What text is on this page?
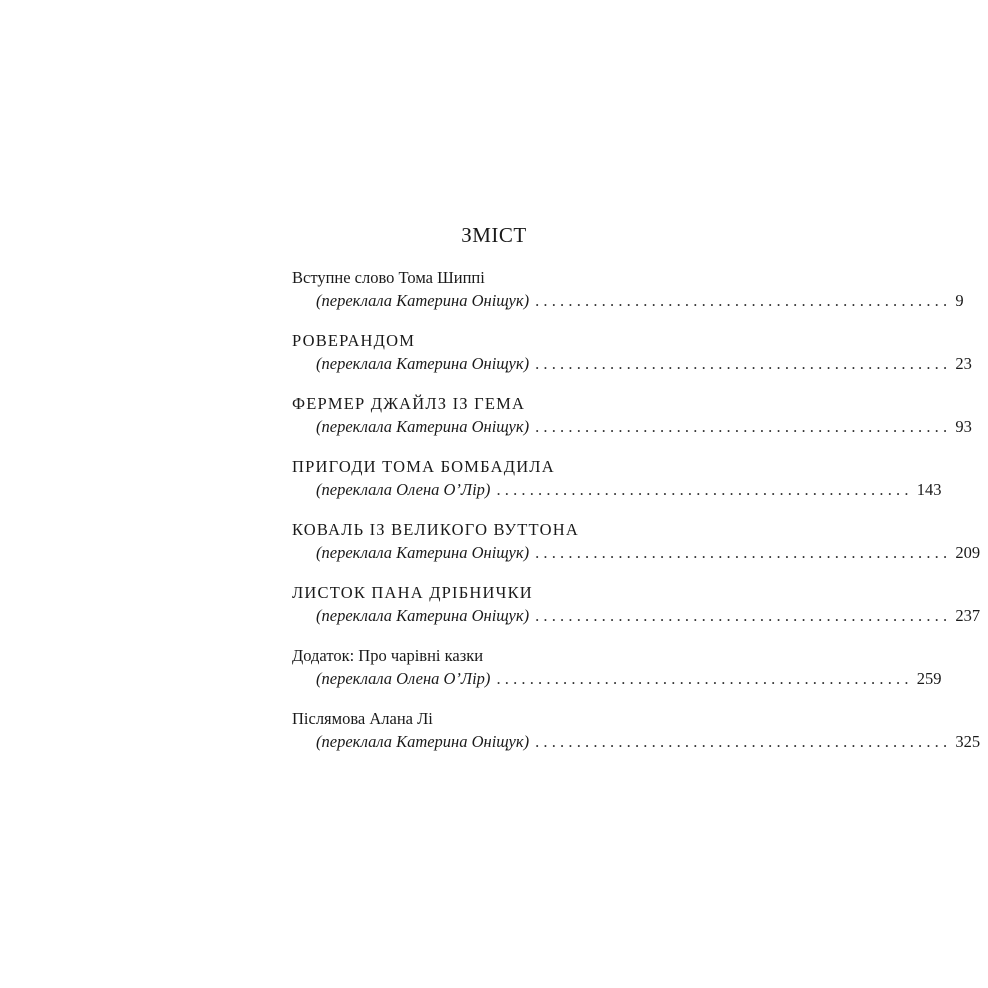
ЗМІСТ
Вступне слово Тома Шиппі
(переклала Катерина Оніщук) .................................................. 9
РОВЕРАНДОМ
(переклала Катерина Оніщук) .................................................. 23
ФЕРМЕР ДЖАЙЛЗ ІЗ ГЕМА
(переклала Катерина Оніщук) .................................................. 93
ПРИГОДИ ТОМА БОМБАДИЛА
(переклала Олена О’Лір) .................................................. 143
КОВАЛЬ ІЗ ВЕЛИКОГО ВУТТОНА
(переклала Катерина Оніщук) .................................................. 209
ЛИСТОК ПАНА ДРІБНИЧКИ
(переклала Катерина Оніщук) .................................................. 237
Додаток: Про чарівні казки
(переклала Олена О’Лір) .................................................. 259
Післямова Алана Лі
(переклала Катерина Оніщук) .................................................. 325
